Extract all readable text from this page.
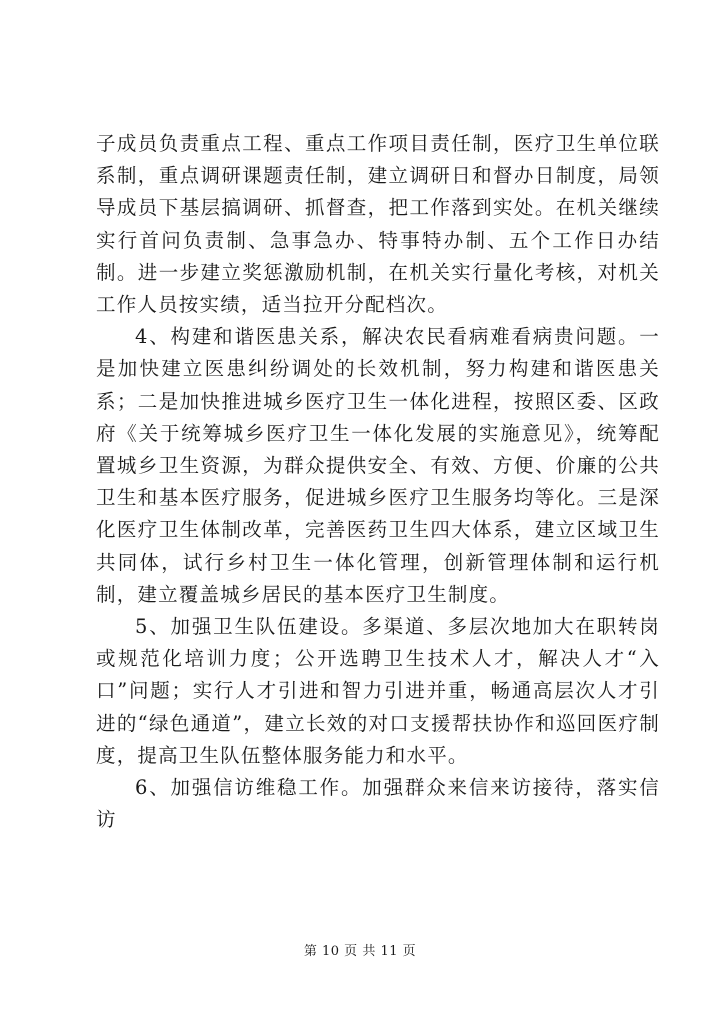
子成员负责重点工程、重点工作项目责任制，医疗卫生单位联系制，重点调研课题责任制，建立调研日和督办日制度，局领导成员下基层搞调研、抓督查，把工作落到实处。在机关继续实行首问负责制、急事急办、特事特办制、五个工作日办结制。进一步建立奖惩激励机制，在机关实行量化考核，对机关工作人员按实绩，适当拉开分配档次。

4、构建和谐医患关系，解决农民看病难看病贵问题。一是加快建立医患纠纷调处的长效机制，努力构建和谐医患关系；二是加快推进城乡医疗卫生一体化进程，按照区委、区政府《关于统筹城乡医疗卫生一体化发展的实施意见》，统筹配置城乡卫生资源，为群众提供安全、有效、方便、价廉的公共卫生和基本医疗服务，促进城乡医疗卫生服务均等化。三是深化医疗卫生体制改革，完善医药卫生四大体系，建立区域卫生共同体，试行乡村卫生一体化管理，创新管理体制和运行机制，建立覆盖城乡居民的基本医疗卫生制度。

5、加强卫生队伍建设。多渠道、多层次地加大在职转岗或规范化培训力度；公开选聘卫生技术人才，解决人才“入口”问题；实行人才引进和智力引进并重，畅通高层次人才引进的“绿色通道”，建立长效的对口支援帮扶协作和巡回医疗制度，提高卫生队伍整体服务能力和水平。

6、加强信访维稳工作。加强群众来信来访接待，落实信访

第 10 页 共 11 页
